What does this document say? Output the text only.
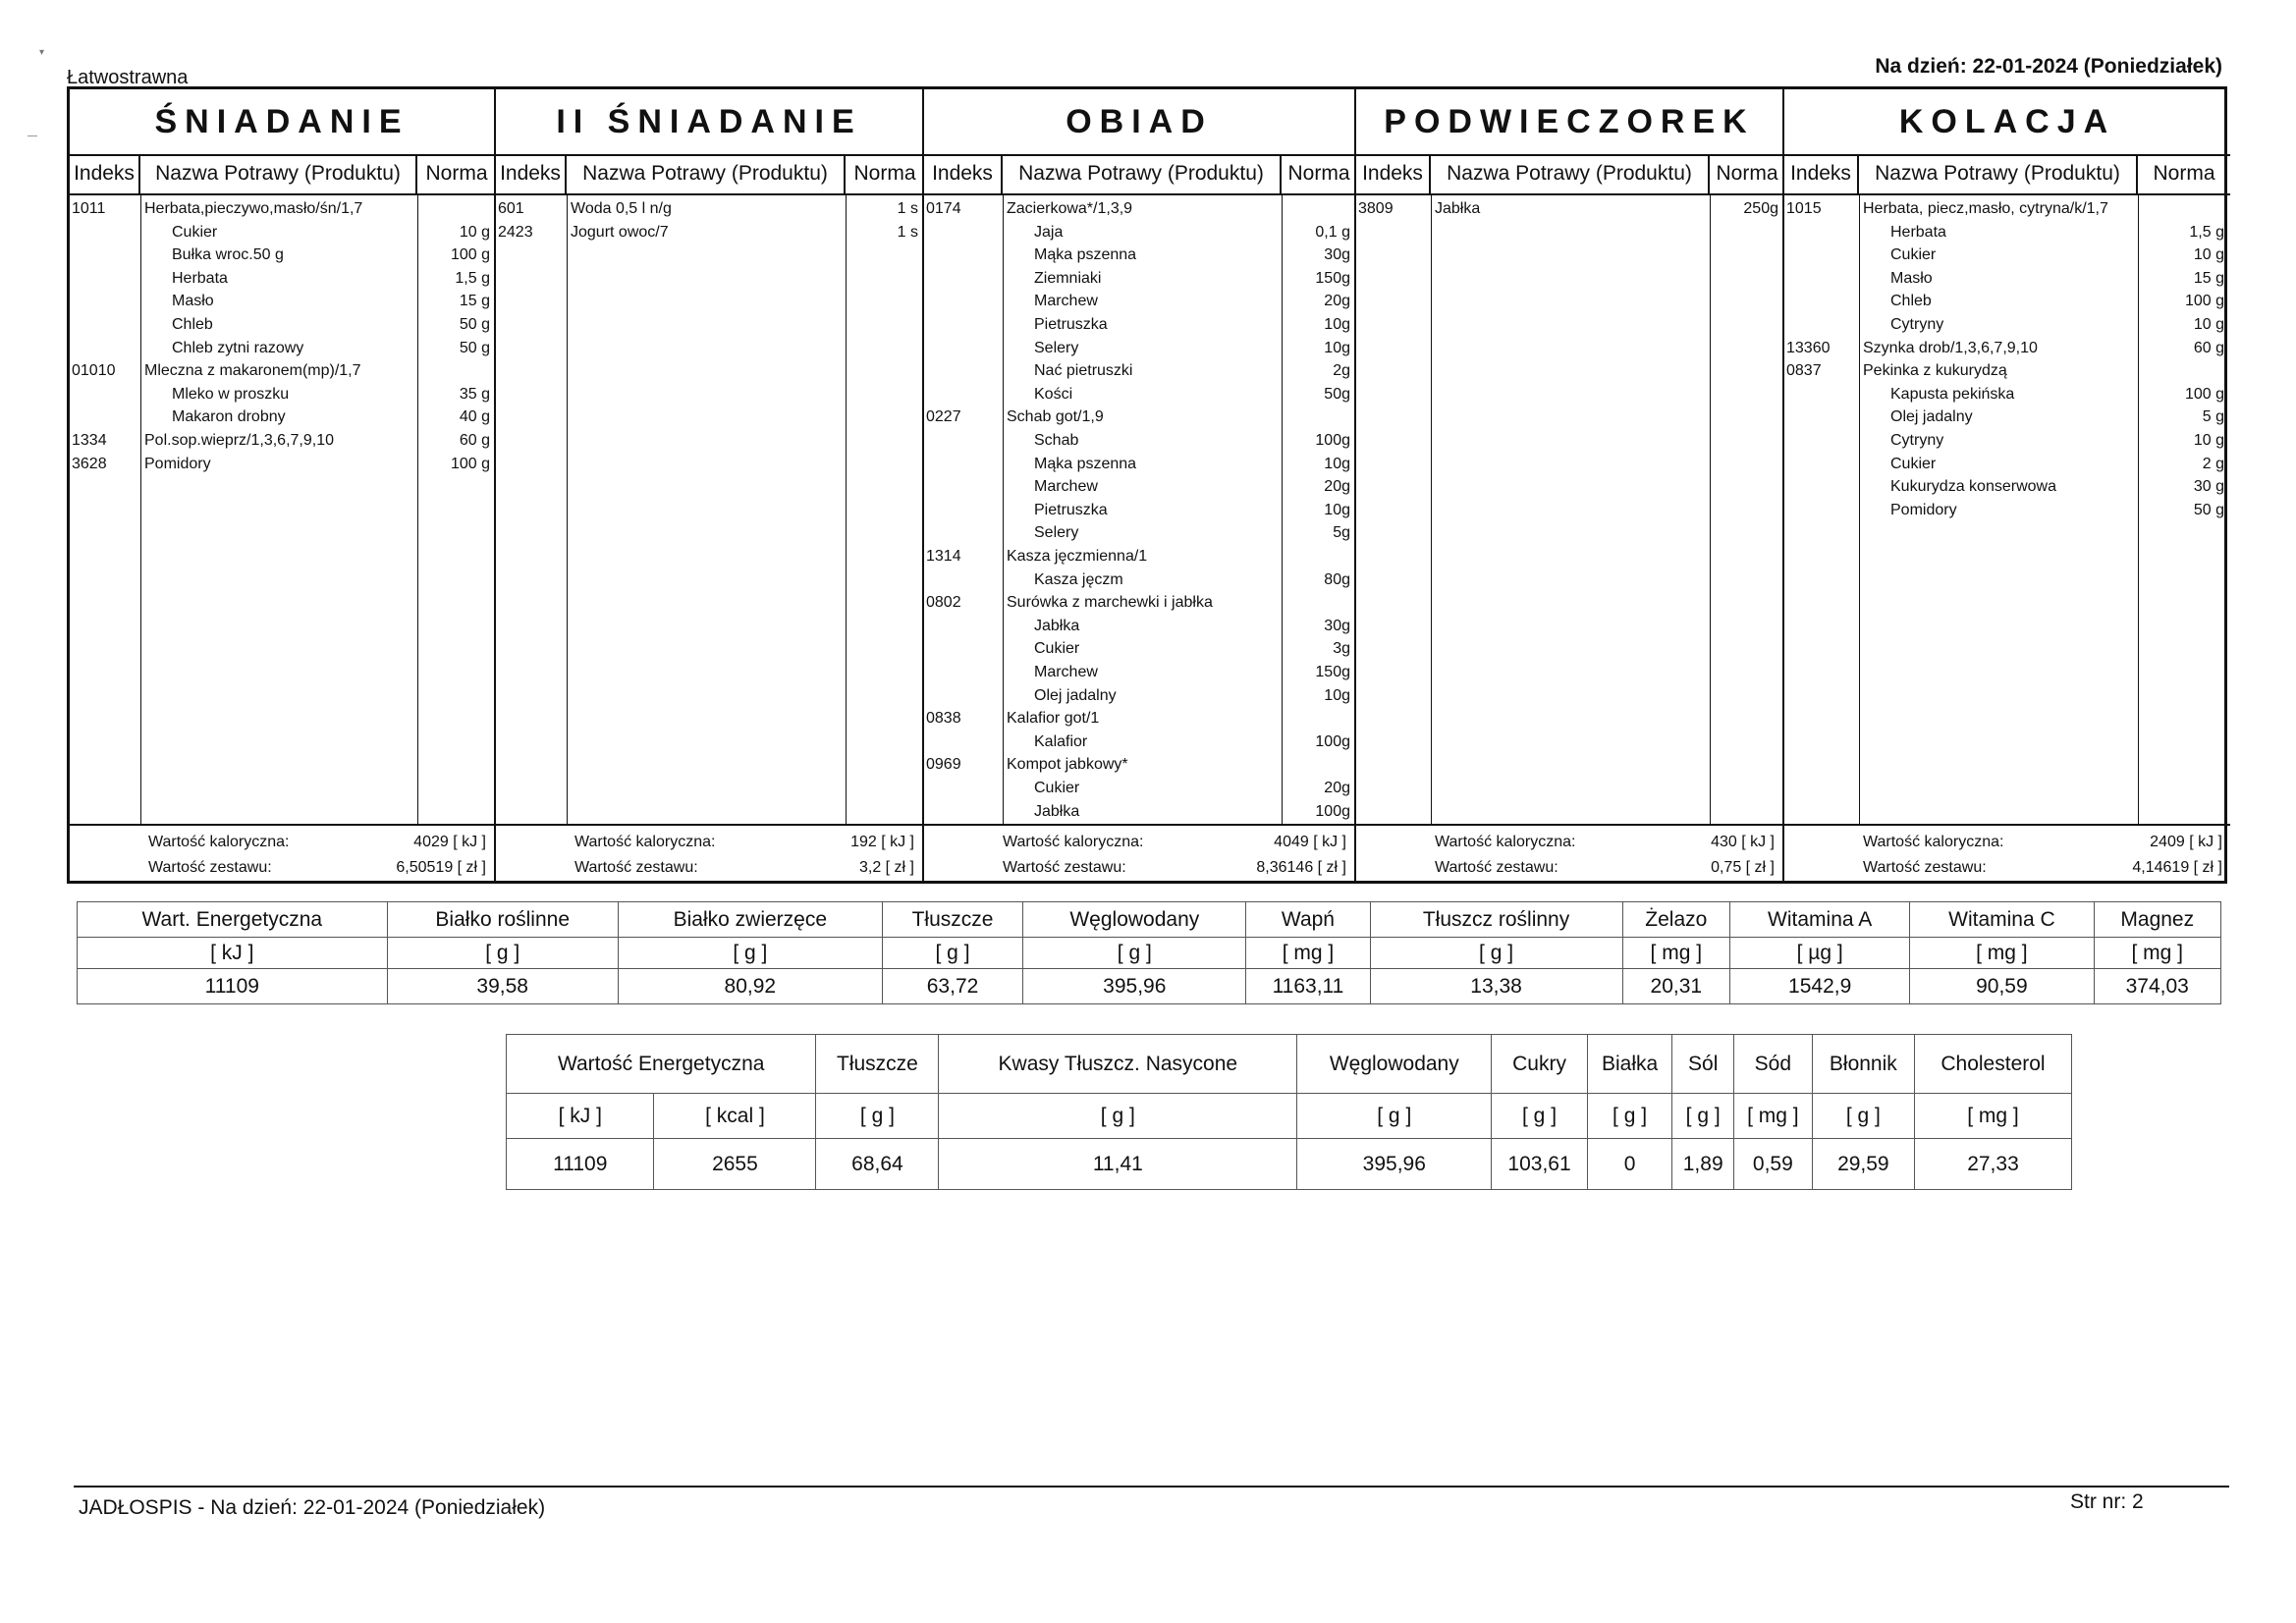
▾
Łatwostrawna	Na dzień: 22-01-2024 (Poniedziałek)
ŚNIADANIE
Indeks	Nazwa Potrawy (Produktu)	Norma
1011 Herbata,pieczywo,masło/śn/1,7
Cukier	10 g
Bułka wroc.50 g	100 g
Herbata	1,5 g
Masło	15 g
Chleb	50 g
Chleb zytni razowy	50 g
01010 Mleczna z makaronem(mp)/1,7
Mleko w proszku	35 g
Makaron drobny	40 g
1334 Pol.sop.wieprz/1,3,6,7,9,10	60 g
3628 Pomidory	100 g
Wartość kaloryczna:	4029 [ kJ ]
Wartość zestawu:	6,50519 [ zł ]
II ŚNIADANIE
Indeks	Nazwa Potrawy (Produktu)	Norma
601	Woda 0,5 l n/g	1 s
2423 Jogurt owoc/7	1 s
Wartość kaloryczna:	192 [ kJ ]
Wartość zestawu:	3,2 [ zł ]
OBIAD
Indeks	Nazwa Potrawy (Produktu)	Norma
0174	Zacierkowa*/1,3,9
Jaja	0,1 g
Mąka pszenna	30g
Ziemniaki	150g
Marchew	20g
Pietruszka	10g
Selery	10g
Nać pietruszki	2g
Kości	50g
0227	Schab got/1,9
Schab	100g
Mąka pszenna	10g
Marchew	20g
Pietruszka	10g
Selery	5g
1314	Kasza jęczmienna/1
Kasza jęczm	80g
0802	Surówka z marchewki i jabłka
Jabłka	30g
Cukier	3g
Marchew	150g
Olej jadalny	10g
0838	Kalafior got/1
Kalafior	100g
0969	Kompot jabkowy*
Cukier	20g
Jabłka	100g
Wartość kaloryczna:	4049 [ kJ ]
Wartość zestawu:	8,36146 [ zł ]
PODWIECZOREK
Indeks	Nazwa Potrawy (Produktu)	Norma
3809	Jabłka	250g
Wartość kaloryczna:	430 [ kJ ]
Wartość zestawu:	0,75 [ zł ]
KOLACJA
Indeks	Nazwa Potrawy (Produktu)	Norma
1015	Herbata, piecz,masło, cytryna/k/1,7
Herbata	1,5 g
Cukier	10 g
Masło	15 g
Chleb	100 g
Cytryny	10 g
13360 Szynka drob/1,3,6,7,9,10	60 g
0837	Pekinka z kukurydzą
Kapusta pekińska	100 g
Olej jadalny	5 g
Cytryny	10 g
Cukier	2 g
Kukurydza konserwowa	30 g
Pomidory	50 g
Wartość kaloryczna:	2409 [ kJ ]
Wartość zestawu:	4,14619 [ zł ]
Wart. Energetyczna	Białko roślinne	Białko zwierzęce	Tłuszcze	Węglowodany	Wapń	Tłuszcz roślinny	Żelazo	Witamina A	Witamina C	Magnez
[ kJ ]	[ g ]	[ g ]	[ g ]	[ g ]	[ mg ]	[ g ]	[ mg ]	[ µg ]	[ mg ]	[ mg ]
11109	39,58	80,92	63,72	395,96	1163,11	13,38	20,31	1542,9	90,59	374,03
Wartość Energetyczna		Tłuszcze	Kwasy Tłuszcz. Nasycone	Węglowodany	Cukry	Białka	Sól	Sód	Błonnik	Cholesterol
[ kJ ]	[ kcal ]	[ g ]	[ g ]	[ g ]	[ g ]	[ g ]	[ g ]	[ mg ]	[ g ]	[ mg ]
11109	2655	68,64	11,41	395,96	103,61	0	1,89	0,59	29,59	27,33
JADŁOSPIS - Na dzień: 22-01-2024 (Poniedziałek)	Str nr: 2
